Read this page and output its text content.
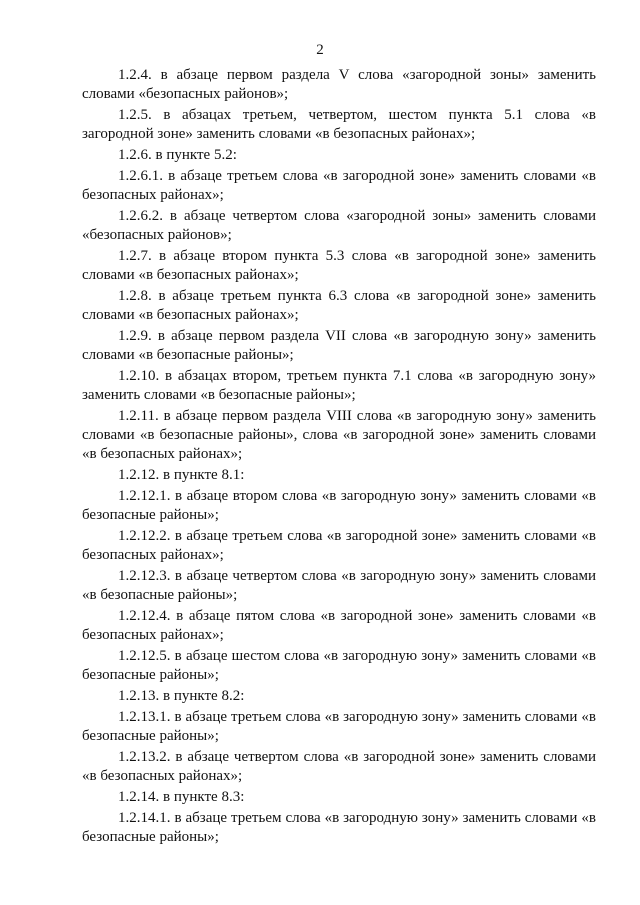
2

1.2.4. в абзаце первом раздела V слова «загородной зоны» заменить словами «безопасных районов»;

1.2.5. в абзацах третьем, четвертом, шестом пункта 5.1 слова «в загородной зоне» заменить словами «в безопасных районах»;

1.2.6. в пункте 5.2:

1.2.6.1. в абзаце третьем слова «в загородной зоне» заменить словами «в безопасных районах»;

1.2.6.2. в абзаце четвертом слова «загородной зоны» заменить словами «безопасных районов»;

1.2.7. в абзаце втором пункта 5.3 слова «в загородной зоне» заменить словами «в безопасных районах»;

1.2.8. в абзаце третьем пункта 6.3 слова «в загородной зоне» заменить словами «в безопасных районах»;

1.2.9. в абзаце первом раздела VII слова «в загородную зону» заменить словами «в безопасные районы»;

1.2.10. в абзацах втором, третьем пункта 7.1 слова «в загородную зону» заменить словами «в безопасные районы»;

1.2.11. в абзаце первом раздела VIII слова «в загородную зону» заменить словами «в безопасные районы», слова «в загородной зоне» заменить словами «в безопасных районах»;

1.2.12. в пункте 8.1:

1.2.12.1. в абзаце втором слова «в загородную зону» заменить словами «в безопасные районы»;

1.2.12.2. в абзаце третьем слова «в загородной зоне» заменить словами «в безопасных районах»;

1.2.12.3. в абзаце четвертом слова «в загородную зону» заменить словами «в безопасные районы»;

1.2.12.4. в абзаце пятом слова «в загородной зоне» заменить словами «в безопасных районах»;

1.2.12.5. в абзаце шестом слова «в загородную зону» заменить словами «в безопасные районы»;

1.2.13. в пункте 8.2:

1.2.13.1. в абзаце третьем слова «в загородную зону» заменить словами «в безопасные районы»;

1.2.13.2. в абзаце четвертом слова «в загородной зоне» заменить словами «в безопасных районах»;

1.2.14. в пункте 8.3:

1.2.14.1. в абзаце третьем слова «в загородную зону» заменить словами «в безопасные районы»;
